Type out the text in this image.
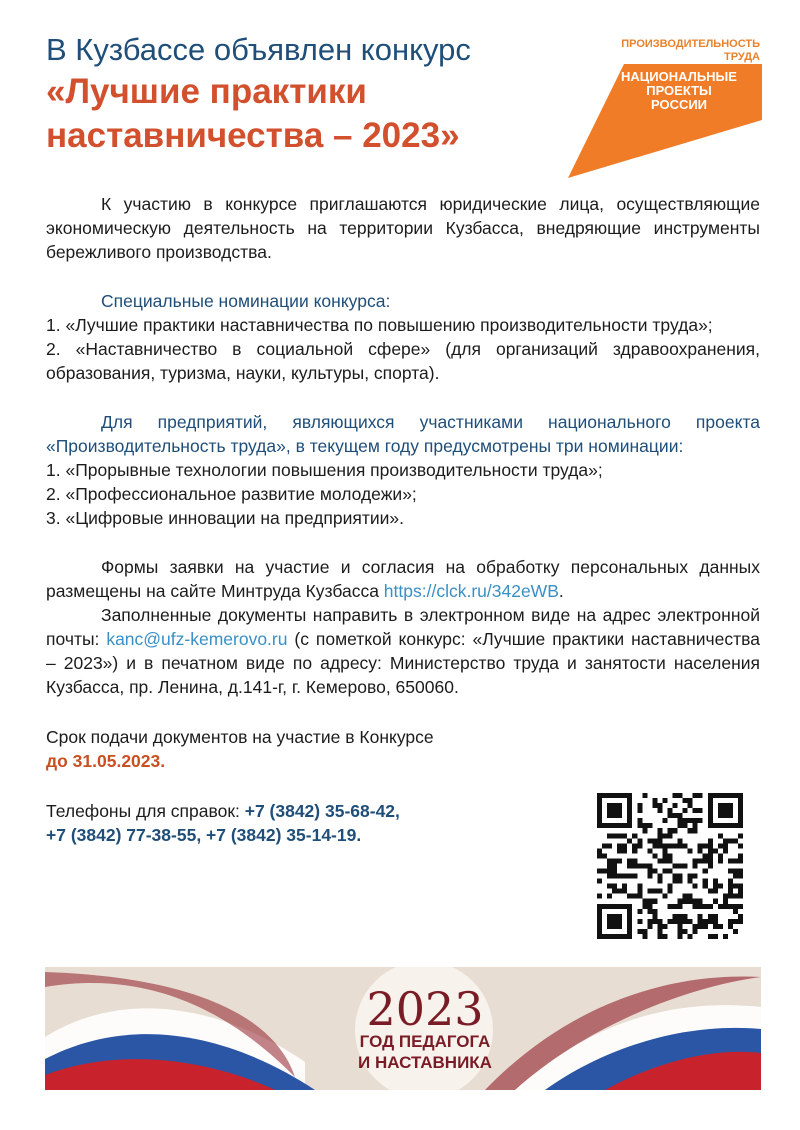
В Кузбассе объявлен конкурс
«Лучшие практики
наставничества – 2023»
ПРОИЗВОДИТЕЛЬНОСТЬ
ТРУДА
НАЦИОНАЛЬНЫЕ
ПРОЕКТЫ
РОССИИ

К участию в конкурсе приглашаются юридические лица, осуществляющие экономическую деятельность на территории Кузбасса, внедряющие инструменты бережливого производства.

Специальные номинации конкурса:

1. «Лучшие практики наставничества по повышению производительности труда»;

2. «Наставничество в социальной сфере» (для организаций здравоохранения, образования, туризма, науки, культуры, спорта).

Для предприятий, являющихся участниками национального проекта «Производительность труда», в текущем году предусмотрены три номинации:

1. «Прорывные технологии повышения производительности труда»;

2. «Профессиональное развитие молодежи»;

3. «Цифровые инновации на предприятии».

Формы заявки на участие и согласия на обработку персональных данных размещены на сайте Минтруда Кузбасса https://clck.ru/342eWB.

Заполненные документы направить в электронном виде на адрес электронной почты: kanc@ufz-kemerovo.ru (с пометкой конкурс: «Лучшие практики наставничества – 2023») и в печатном виде по адресу: Министерство труда и занятости населения Кузбасса, пр. Ленина, д.141-г, г. Кемерово, 650060.

Срок подачи документов на участие в Конкурсе

до 31.05.2023.

Телефоны для справок: +7 (3842) 35-68-42,

+7 (3842) 77-38-55, +7 (3842) 35-14-19.

2023
ГОД ПЕДАГОГА
И НАСТАВНИКА
